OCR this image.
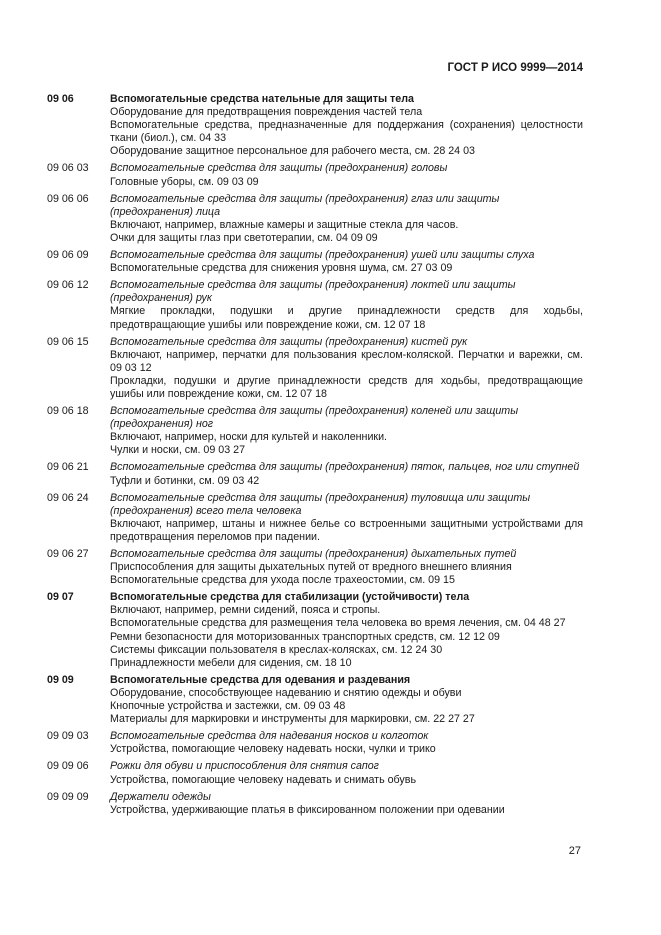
ГОСТ Р ИСО 9999—2014
09 06	Вспомогательные средства нательные для защиты тела
Оборудование для предотвращения повреждения частей тела
Вспомогательные средства, предназначенные для поддержания (сохранения) целостности ткани (биол.), см. 04 33
Оборудование защитное персональное для рабочего места, см. 28 24 03
09 06 03	Вспомогательные средства для защиты (предохранения) головы
Головные уборы, см. 09 03 09
09 06 06	Вспомогательные средства для защиты (предохранения) глаз или защиты (предохранения) лица
Включают, например, влажные камеры и защитные стекла для часов.
Очки для защиты глаз при светотерапии, см. 04 09 09
09 06 09	Вспомогательные средства для защиты (предохранения) ушей или защиты слуха
Вспомогательные средства для снижения уровня шума, см. 27 03 09
09 06 12	Вспомогательные средства для защиты (предохранения) локтей или защиты (предохранения) рук
Мягкие прокладки, подушки и другие принадлежности средств для ходьбы, предотвращающие ушибы или повреждение кожи, см. 12 07 18
09 06 15	Вспомогательные средства для защиты (предохранения) кистей рук
Включают, например, перчатки для пользования креслом-коляской. Перчатки и варежки, см. 09 03 12
Прокладки, подушки и другие принадлежности средств для ходьбы, предотвращающие ушибы или повреждение кожи, см. 12 07 18
09 06 18	Вспомогательные средства для защиты (предохранения) коленей или защиты (предохранения) ног
Включают, например, носки для культей и наколенники.
Чулки и носки, см. 09 03 27
09 06 21	Вспомогательные средства для защиты (предохранения) пяток, пальцев, ног или ступней
Туфли и ботинки, см. 09 03 42
09 06 24	Вспомогательные средства для защиты (предохранения) туловища или защиты (предохранения) всего тела человека
Включают, например, штаны и нижнее белье со встроенными защитными устройствами для предотвращения переломов при падении.
09 06 27	Вспомогательные средства для защиты (предохранения) дыхательных путей
Приспособления для защиты дыхательных путей от вредного внешнего влияния
Вспомогательные средства для ухода после трахеостомии, см. 09 15
09 07	Вспомогательные средства для стабилизации (устойчивости) тела
Включают, например, ремни сидений, пояса и стропы.
Вспомогательные средства для размещения тела человека во время лечения, см. 04 48 27
Ремни безопасности для моторизованных транспортных средств, см. 12 12 09
Системы фиксации пользователя в креслах-колясках, см. 12 24 30
Принадлежности мебели для сидения, см. 18 10
09 09	Вспомогательные средства для одевания и раздевания
Оборудование, способствующее надеванию и снятию одежды и обуви
Кнопочные устройства и застежки, см. 09 03 48
Материалы для маркировки и инструменты для маркировки, см. 22 27 27
09 09 03	Вспомогательные средства для надевания носков и колготок
Устройства, помогающие человеку надевать носки, чулки и трико
09 09 06	Рожки для обуви и приспособления для снятия сапог
Устройства, помогающие человеку надевать и снимать обувь
09 09 09	Держатели одежды
Устройства, удерживающие платья в фиксированном положении при одевании
27
